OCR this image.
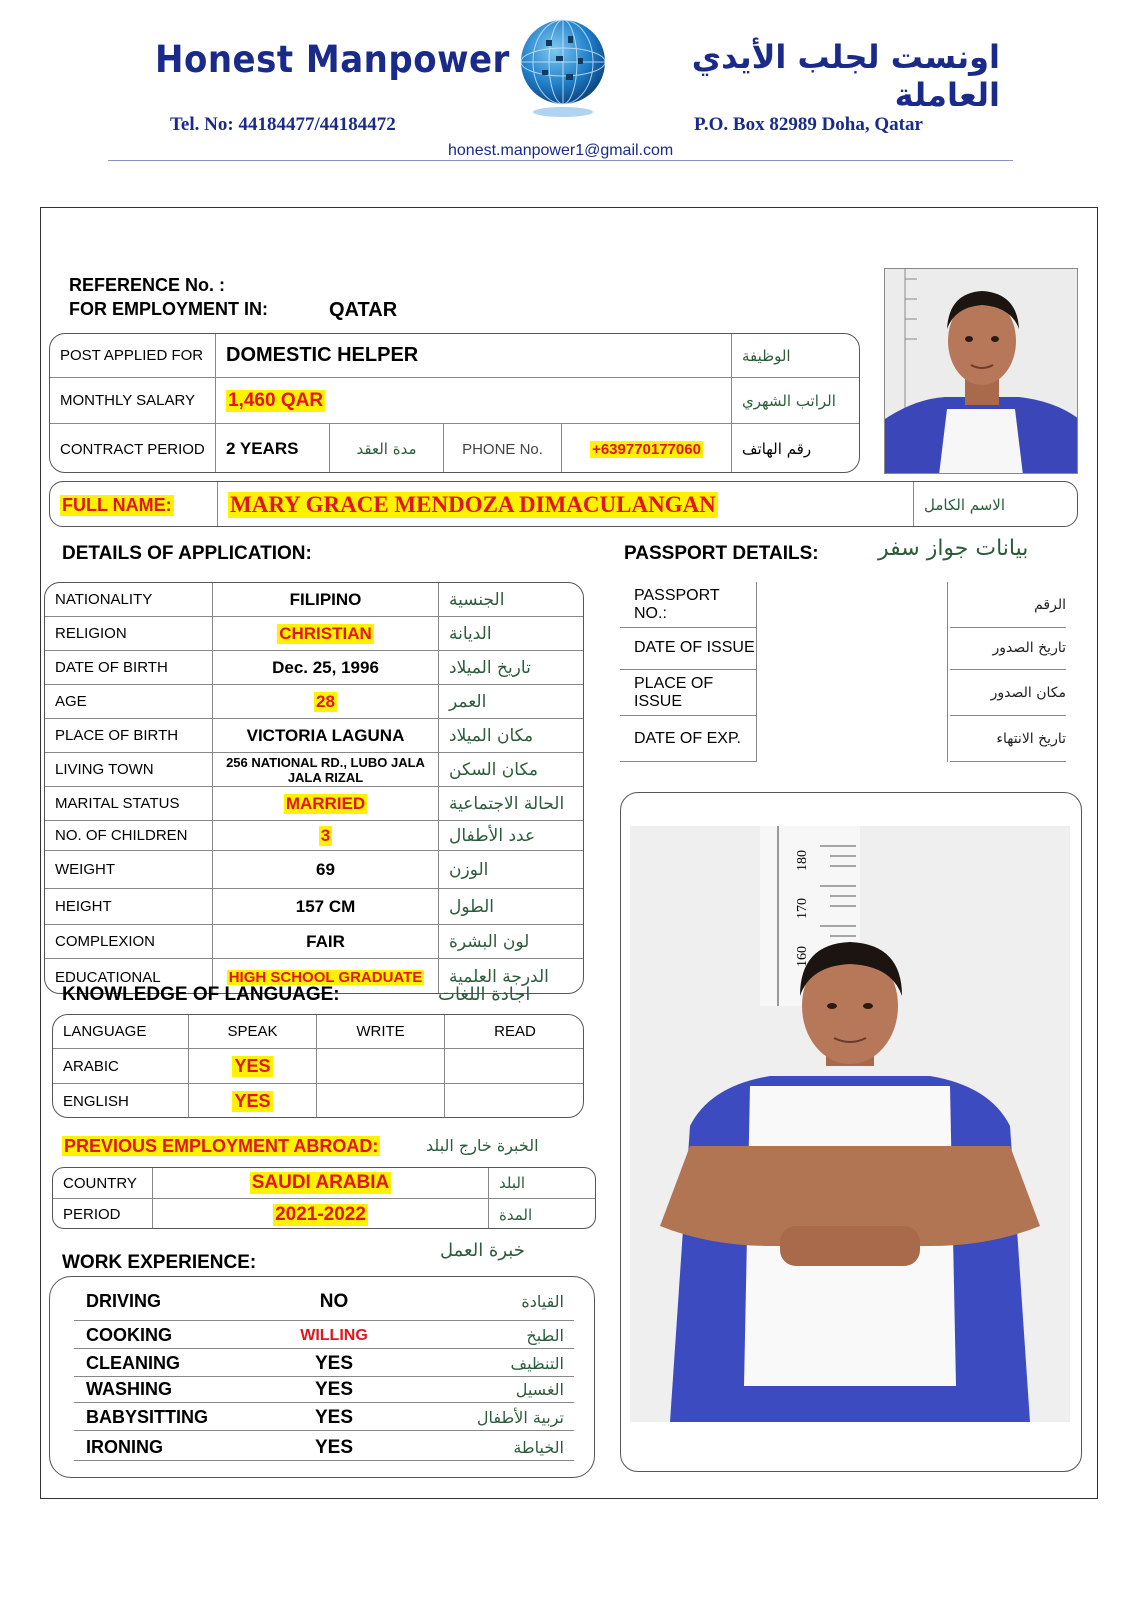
Honest Manpower	اونست لجلب الأيدي العاملة
Tel. No: 44184477/44184472	P.O. Box 82989 Doha, Qatar
honest.manpower1@gmail.com
REFERENCE No. :
FOR EMPLOYMENT IN:	QATAR
POST APPLIED FOR	DOMESTIC HELPER	الوظيفة
MONTHLY SALARY	1,460 QAR	الراتب الشهري
CONTRACT PERIOD	2 YEARS	مدة العقد	PHONE No.	+639770177060	رقم الهاتف
FULL NAME:	MARY GRACE MENDOZA DIMACULANGAN	الاسم الكامل
DETAILS OF APPLICATION:
NATIONALITY	FILIPINO	الجنسية
RELIGION	CHRISTIAN	الديانة
DATE OF BIRTH	Dec. 25, 1996	تاريخ الميلاد
AGE	28	العمر
PLACE OF BIRTH	VICTORIA LAGUNA	مكان الميلاد
LIVING TOWN	256 NATIONAL RD., LUBO JALA JALA RIZAL	مكان السكن
MARITAL STATUS	MARRIED	الحالة الاجتماعية
NO. OF CHILDREN	3	عدد الأطفال
WEIGHT	69	الوزن
HEIGHT	157 CM	الطول
COMPLEXION	FAIR	لون البشرة
EDUCATIONAL	HIGH SCHOOL GRADUATE	الدرجة العلمية
PASSPORT DETAILS:	بيانات جواز سفر
PASSPORT NO.:	الرقم
DATE OF ISSUE	تاريخ الصدور
PLACE OF ISSUE	مكان الصدور
DATE OF EXP.	تاريخ الانتهاء
180
170
160
KNOWLEDGE OF LANGUAGE:	اجادة اللغات
LANGUAGE	SPEAK	WRITE	READ
ARABIC	YES
ENGLISH	YES
PREVIOUS EMPLOYMENT ABROAD:	الخبرة خارج البلد
COUNTRY	SAUDI ARABIA	البلد
PERIOD	2021-2022	المدة
WORK EXPERIENCE:
خبرة العمل
DRIVING	NO	القيادة
COOKING	WILLING	الطبخ
CLEANING	YES	التنظيف
WASHING	YES	الغسيل
BABYSITTING	YES	تربية الأطفال
IRONING	YES	الخياطة
